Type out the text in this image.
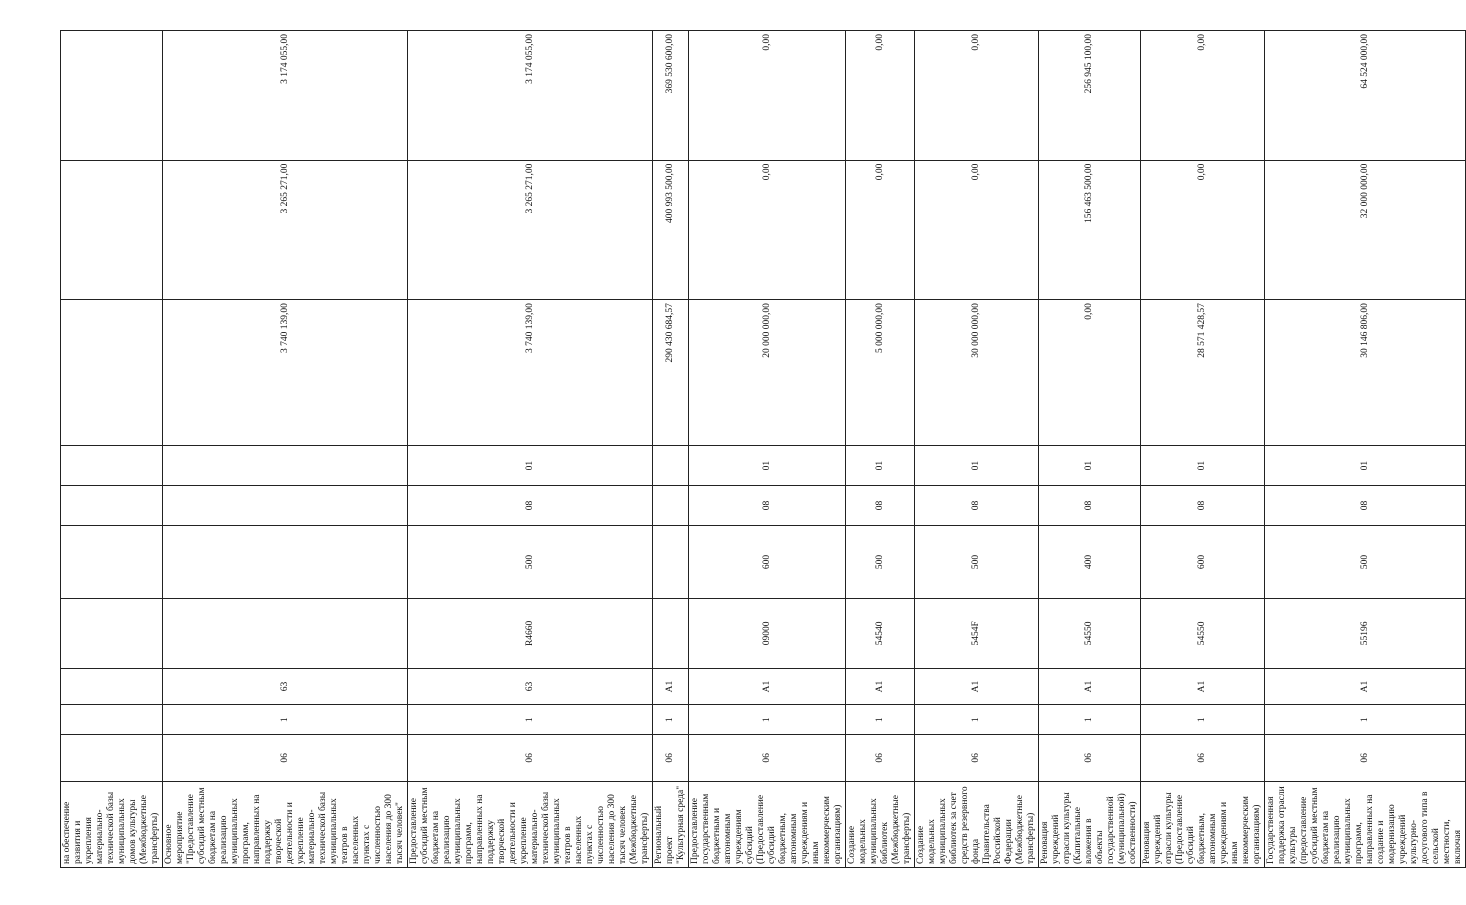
на обеспечение развития и укрепления материально-технической базы муниципальных домов культуры (Межбюджетные трансферты)										
Основное мероприятие "Предоставление субсидий местным бюджетам на реализацию муниципальных программ, направленных на поддержку творческой деятельности и укрепление материально-технической базы муниципальных театров в населенных пунктах с численностью населения до 300 тысяч человек"	06	1	63					3 740 139,00	3 265 271,00	3 174 055,00
Предоставление субсидий местным бюджетам на реализацию муниципальных программ, направленных на поддержку творческой деятельности и укрепление материально-технической базы муниципальных театров в населенных пунктах с численностью населения до 300 тысяч человек (Межбюджетные трансферты)	06	1	63	R4660	500	08	01	3 740 139,00	3 265 271,00	3 174 055,00
Региональный проект "Культурная среда"	06	1	А1					290 430 684,57	400 993 500,00	369 530 600,00
Предоставление государственным бюджетным и автономным учреждениям субсидий (Предоставление субсидий бюджетным, автономным учреждениям и иным некоммерческим организациям)	06	1	А1	09000	600	08	01	20 000 000,00	0,00	0,00
Создание модельных муниципальных библиотек (Межбюджетные трансферты)	06	1	А1	54540	500	08	01	5 000 000,00	0,00	0,00
Создание модельных муниципальных библиотек за счет средств резервного фонда Правительства Российской Федерации (Межбюджетные трансферты)	06	1	А1	5454F	500	08	01	30 000 000,00	0,00	0,00
Реновация учреждений отрасли культуры (Капитальные вложения в объекты государственной (муниципальной) собственности)	06	1	А1	54550	400	08	01	0,00	156 463 500,00	256 945 100,00
Реновация учреждений отрасли культуры (Предоставление субсидий бюджетным, автономным учреждениям и иным некоммерческим организациям)	06	1	А1	54550	600	08	01	28 571 428,57	0,00	0,00
Государственная поддержка отрасли культуры (предоставление субсидий местным бюджетам на реализацию муниципальных программ, направленных на создание и модернизацию учреждений культурно-досугового типа в сельской местности, включая	06	1	А1	55196	500	08	01	30 146 806,00	32 000 000,00	64 524 000,00
